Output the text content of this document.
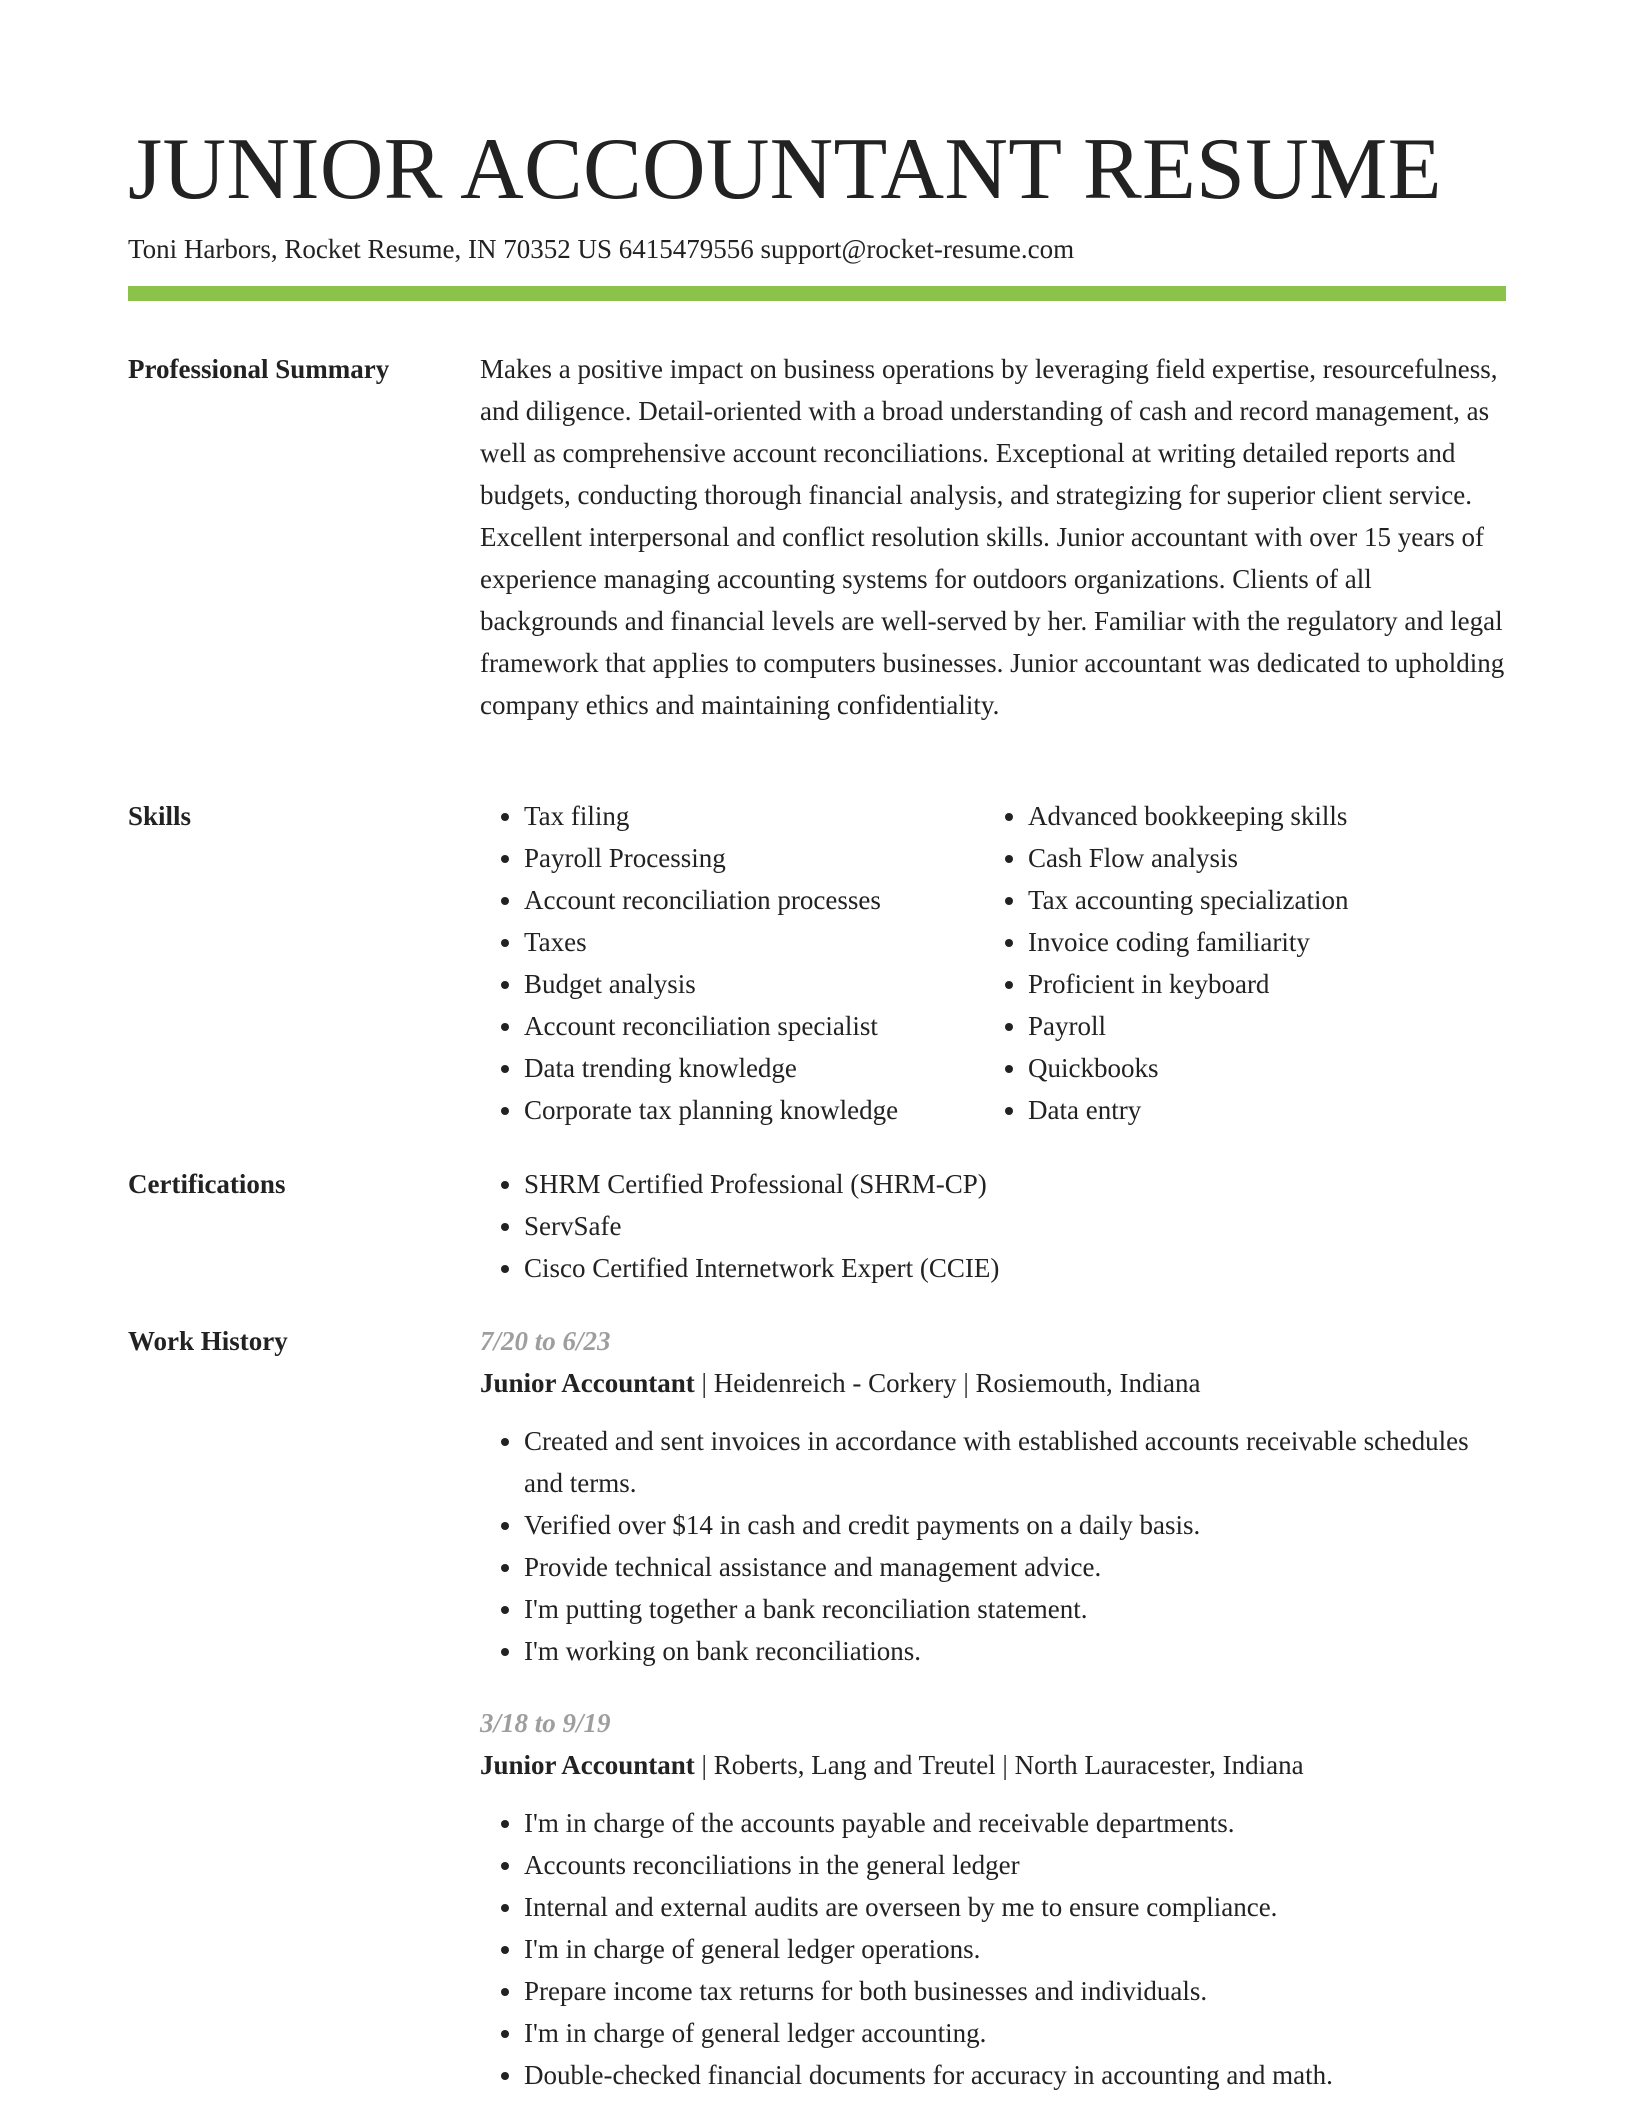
JUNIOR ACCOUNTANT RESUME
Toni Harbors, Rocket Resume, IN 70352 US 6415479556 support@rocket-resume.com
Professional Summary	Makes a positive impact on business operations by leveraging field expertise, resourcefulness, and diligence. Detail-oriented with a broad understanding of cash and record management, as well as comprehensive account reconciliations. Exceptional at writing detailed reports and budgets, conducting thorough financial analysis, and strategizing for superior client service. Excellent interpersonal and conflict resolution skills. Junior accountant with over 15 years of experience managing accounting systems for outdoors organizations. Clients of all backgrounds and financial levels are well-served by her. Familiar with the regulatory and legal framework that applies to computers businesses. Junior accountant was dedicated to upholding company ethics and maintaining confidentiality.

Skills	• Tax filing
• Payroll Processing
• Account reconciliation processes
• Taxes
• Budget analysis
• Account reconciliation specialist
• Data trending knowledge
• Corporate tax planning knowledge
• Advanced bookkeeping skills
• Cash Flow analysis
• Tax accounting specialization
• Invoice coding familiarity
• Proficient in keyboard
• Payroll
• Quickbooks
• Data entry
Certifications	• SHRM Certified Professional (SHRM-CP)
• ServSafe
• Cisco Certified Internetwork Expert (CCIE)
Work History	7/20 to 6/23
Junior Accountant | Heidenreich - Corkery | Rosiemouth, Indiana
• Created and sent invoices in accordance with established accounts receivable schedules and terms.
• Verified over $14 in cash and credit payments on a daily basis.
• Provide technical assistance and management advice.
• I'm putting together a bank reconciliation statement.
• I'm working on bank reconciliations.
3/18 to 9/19
Junior Accountant | Roberts, Lang and Treutel | North Lauracester, Indiana
• I'm in charge of the accounts payable and receivable departments.
• Accounts reconciliations in the general ledger
• Internal and external audits are overseen by me to ensure compliance.
• I'm in charge of general ledger operations.
• Prepare income tax returns for both businesses and individuals.
• I'm in charge of general ledger accounting.
• Double-checked financial documents for accuracy in accounting and math.
